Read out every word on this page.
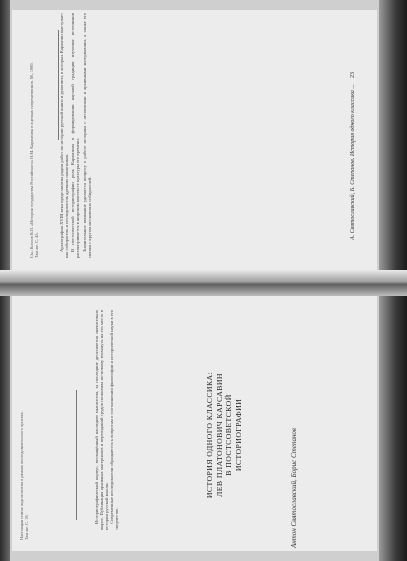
А. Святославский, Б. Степанов. История одного классика ...
23

Археография XVIII века представлена рядом работ по истории русской книги и рукописи, в которых Карамзин выступает как собиратель и исследователь древних памятников. В постсоветской историографии роль Карамзина в формировании научной традиции изучения источников рассматривается в широком контексте культуры его времени. Значительное внимание уделяется вопросу о работе историка с летописями и архивными материалами, а также его связям с кругом московских собирателей.

См.: Козлов В.П. «История государства Российского» Н.М. Карамзина в оценках современников. М., 1989. Там же. С. 45.
Антон Святославский, Борис Степанов
ИСТОРИЯ ОДНОГО КЛАССИКА: ЛЕВ ПЛАТОНОВИЧ КАРСАВИН В ПОСТСОВЕТСКОЙ ИСТОРИОГРАФИИ

Историографический корпус, посвящённый наследию мыслителя, за последние десятилетия значительно вырос. Публикация архивных материалов и переизданий трудов позволила по-новому взглянуть на его место в истории русской мысли. Современные исследователи обращаются к вопросам о соотношении философии и исторической науки в его творчестве.

Настоящая статья подготовлена в рамках исследовательского проекта. Там же. С. 18.
